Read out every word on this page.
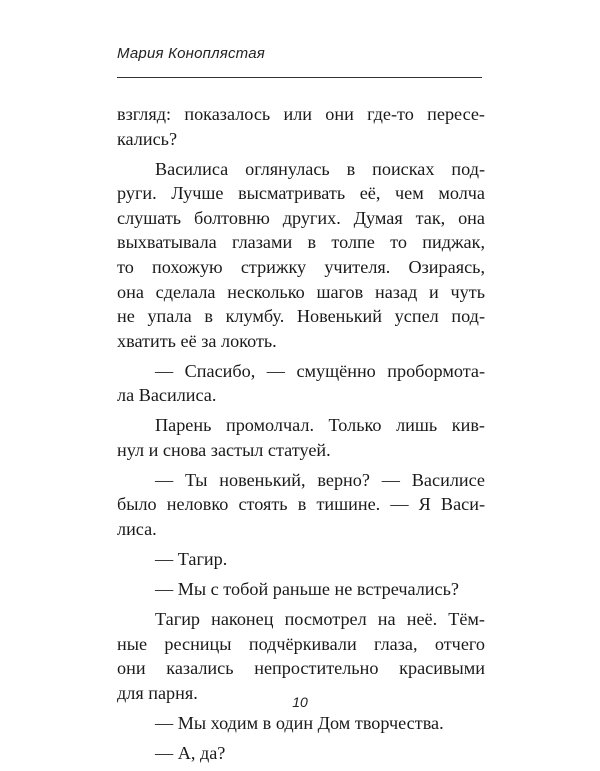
Мария Коноплястая
взгляд: показалось или они где-то пересе-
кались?
Василиса оглянулась в поисках под-
руги. Лучше высматривать её, чем молча
слушать болтовню других. Думая так, она
выхватывала глазами в толпе то пиджак,
то похожую стрижку учителя. Озираясь,
она сделала несколько шагов назад и чуть
не упала в клумбу. Новенький успел под-
хватить её за локоть.
— Спасибо, — смущённо пробормота-
ла Василиса.
Парень промолчал. Только лишь кив-
нул и снова застыл статуей.
— Ты новенький, верно? — Василисе
было неловко стоять в тишине. — Я Васи-
лиса.
— Тагир.
— Мы с тобой раньше не встречались?
Тагир наконец посмотрел на неё. Тём-
ные ресницы подчёркивали глаза, отчего
они казались непростительно красивыми
для парня.
— Мы ходим в один Дом творчества.
— А, да?
10
